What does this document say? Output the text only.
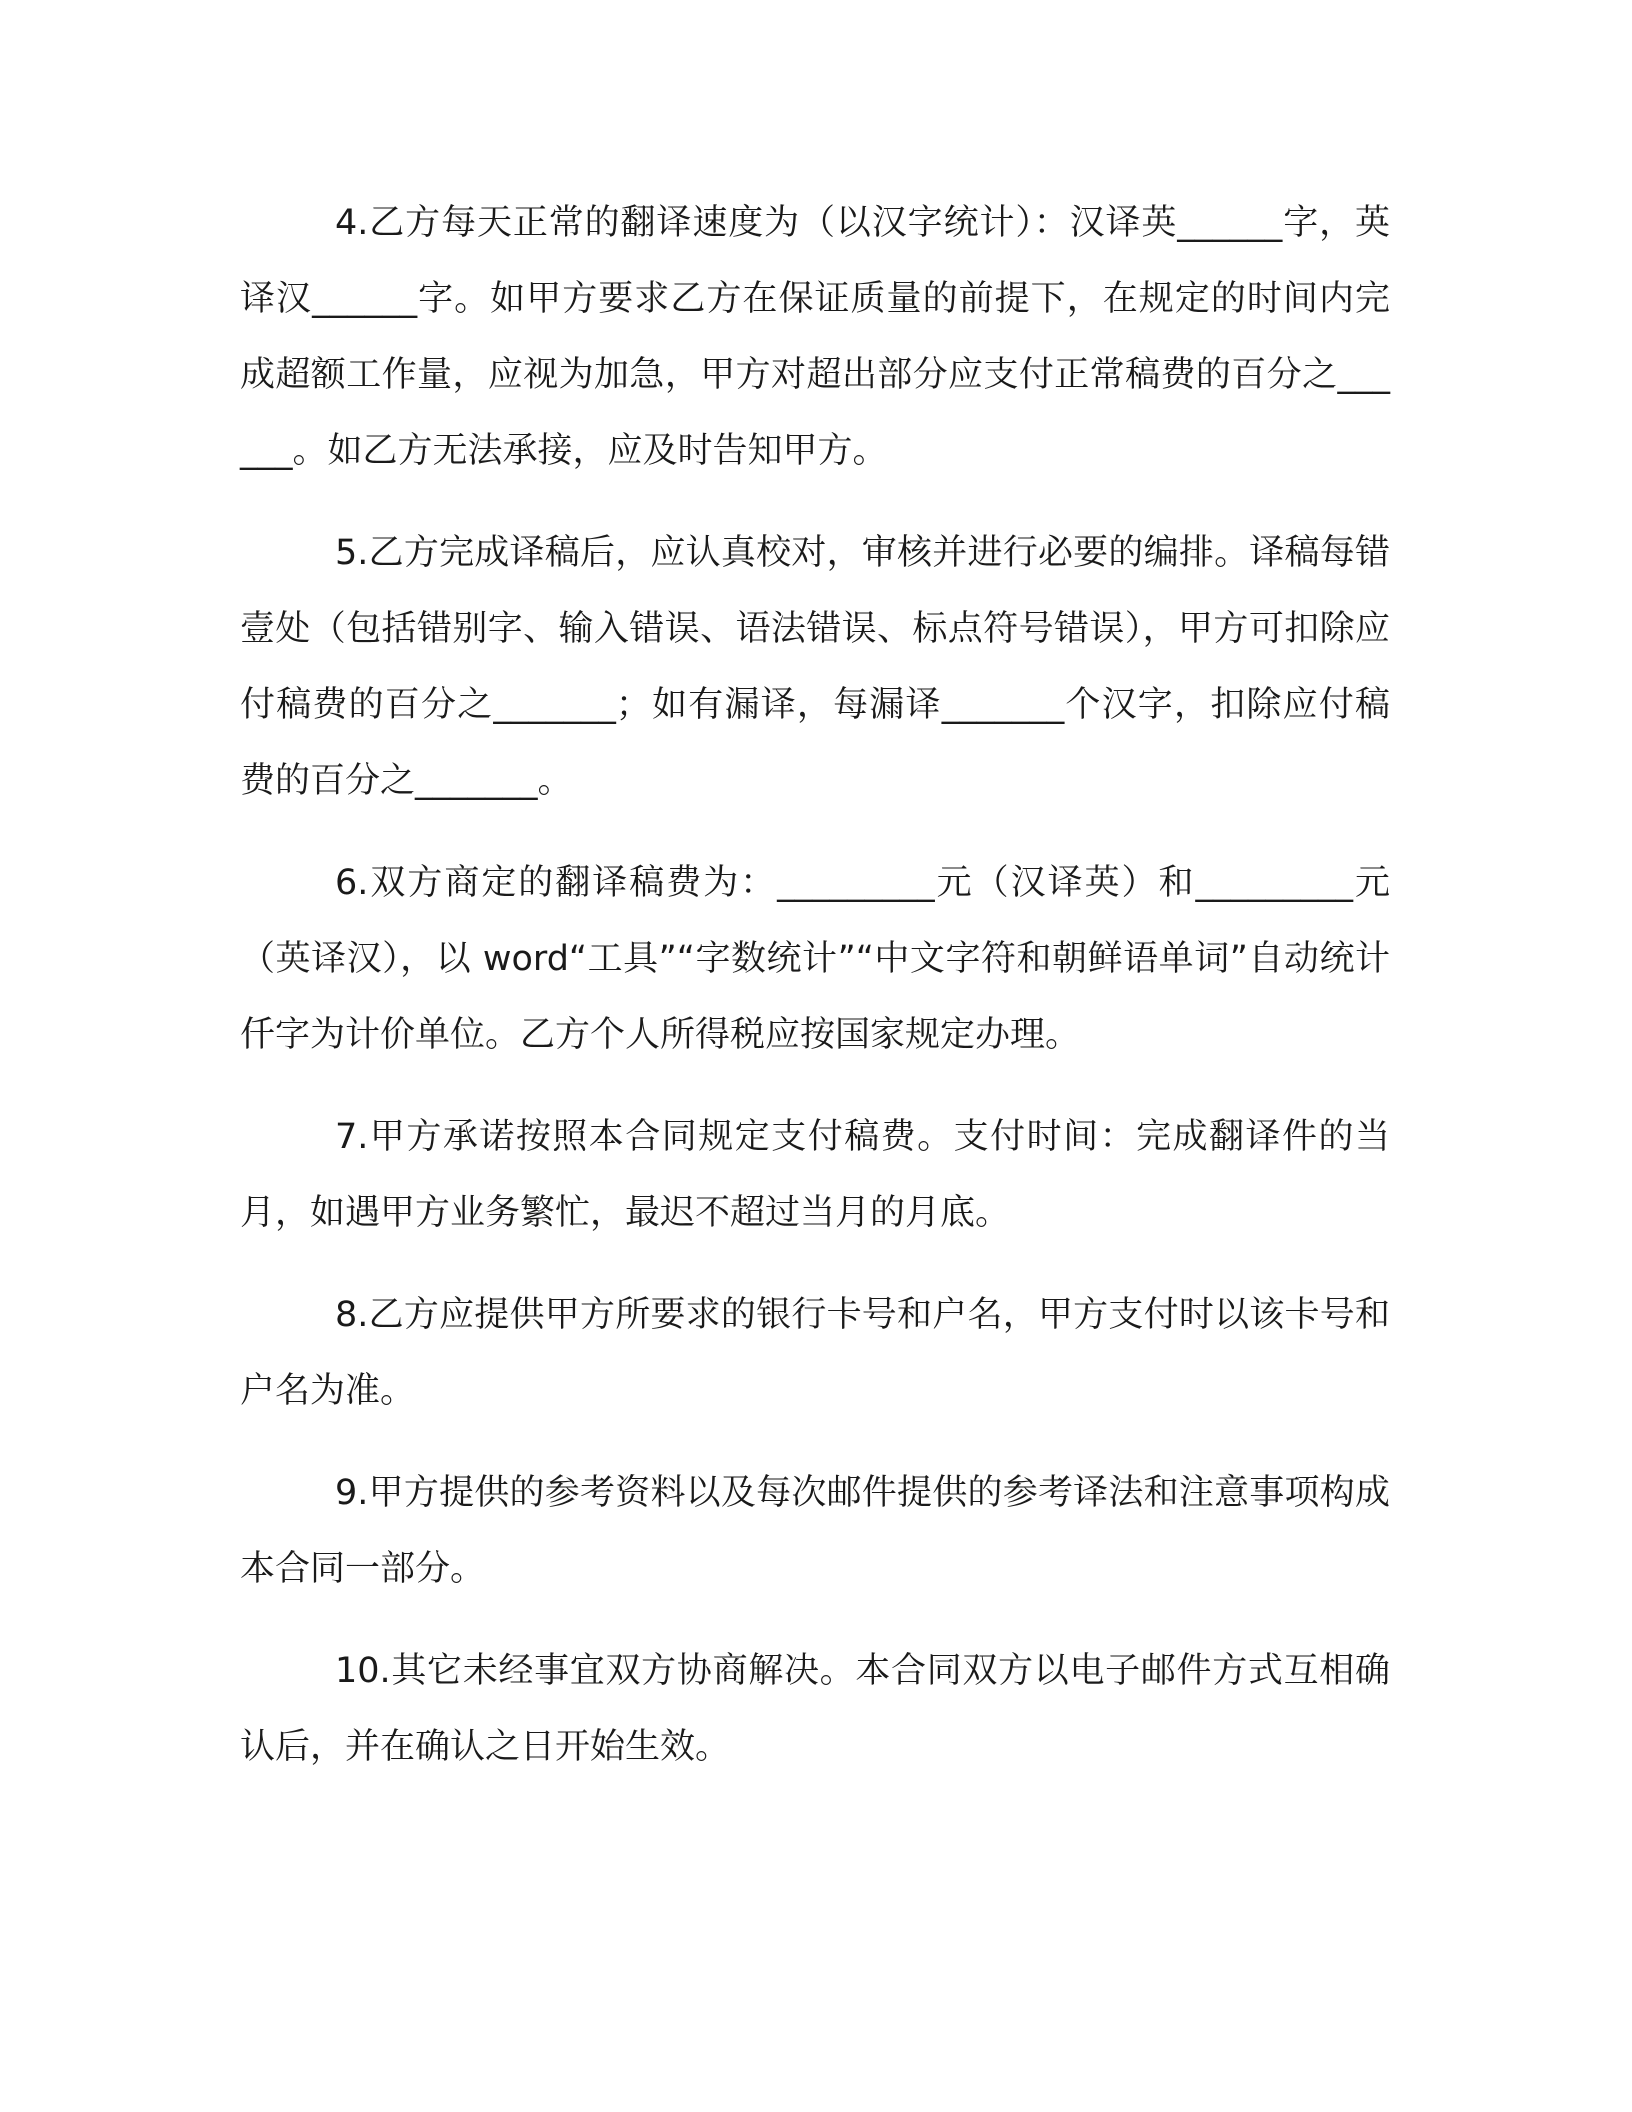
4.乙方每天正常的翻译速度为（以汉字统计）：汉译英______字，英译汉______字。如甲方要求乙方在保证质量的前提下，在规定的时间内完成超额工作量，应视为加急，甲方对超出部分应支付正常稿费的百分之______。如乙方无法承接，应及时告知甲方。

5.乙方完成译稿后，应认真校对，审核并进行必要的编排。译稿每错壹处（包括错别字、输入错误、语法错误、标点符号错误），甲方可扣除应付稿费的百分之_______；如有漏译，每漏译_______个汉字，扣除应付稿费的百分之_______。

6.双方商定的翻译稿费为：_________元（汉译英）和_________元（英译汉），以 word“工具”“字数统计”“中文字符和朝鲜语单词”自动统计仟字为计价单位。乙方个人所得税应按国家规定办理。

7.甲方承诺按照本合同规定支付稿费。支付时间：完成翻译件的当月，如遇甲方业务繁忙，最迟不超过当月的月底。

8.乙方应提供甲方所要求的银行卡号和户名，甲方支付时以该卡号和户名为准。

9.甲方提供的参考资料以及每次邮件提供的参考译法和注意事项构成本合同一部分。

10.其它未经事宜双方协商解决。本合同双方以电子邮件方式互相确认后，并在确认之日开始生效。
